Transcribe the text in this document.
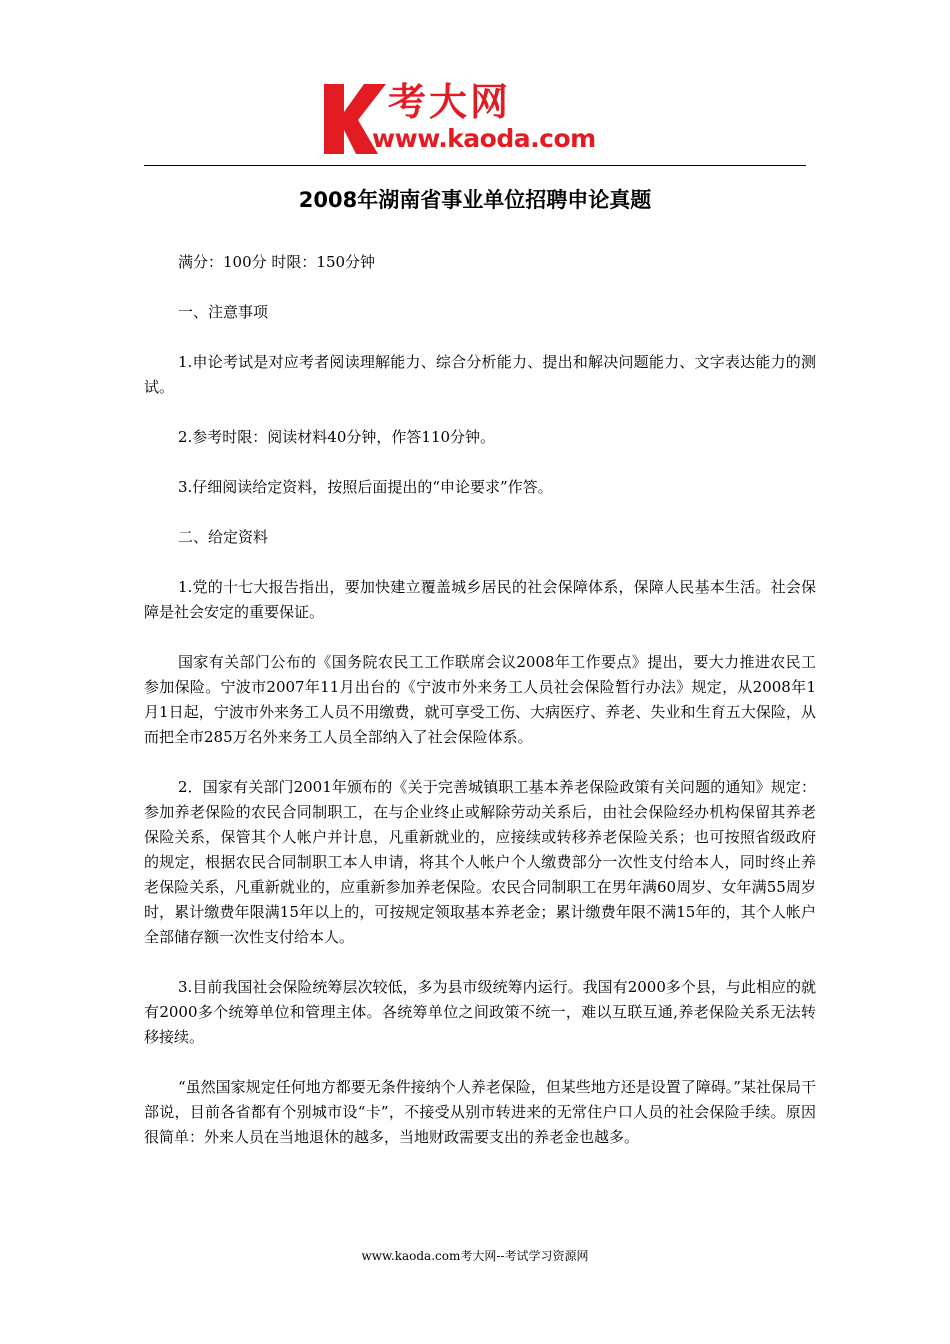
考大网
www.kaoda.com
2008年湖南省事业单位招聘申论真题

满分：100分 时限：150分钟

一、注意事项

1.申论考试是对应考者阅读理解能力、综合分析能力、提出和解决问题能力、文字表达能力的测试。

2.参考时限：阅读材料40分钟，作答110分钟。

3.仔细阅读给定资料，按照后面提出的“申论要求”作答。

二、给定资料

1.党的十七大报告指出，要加快建立覆盖城乡居民的社会保障体系，保障人民基本生活。社会保障是社会安定的重要保证。

国家有关部门公布的《国务院农民工工作联席会议2008年工作要点》提出，要大力推进农民工参加保险。宁波市2007年11月出台的《宁波市外来务工人员社会保险暂行办法》规定，从2008年1月1日起，宁波市外来务工人员不用缴费，就可享受工伤、大病医疗、养老、失业和生育五大保险，从而把全市285万名外来务工人员全部纳入了社会保险体系。

2．国家有关部门2001年颁布的《关于完善城镇职工基本养老保险政策有关问题的通知》规定：参加养老保险的农民合同制职工，在与企业终止或解除劳动关系后，由社会保险经办机构保留其养老保险关系，保管其个人帐户并计息，凡重新就业的，应接续或转移养老保险关系；也可按照省级政府的规定，根据农民合同制职工本人申请，将其个人帐户个人缴费部分一次性支付给本人，同时终止养老保险关系，凡重新就业的，应重新参加养老保险。农民合同制职工在男年满60周岁、女年满55周岁时，累计缴费年限满15年以上的，可按规定领取基本养老金；累计缴费年限不满15年的，其个人帐户全部储存额一次性支付给本人。

3.目前我国社会保险统筹层次较低，多为县市级统筹内运行。我国有2000多个县，与此相应的就有2000多个统筹单位和管理主体。各统筹单位之间政策不统一，难以互联互通,养老保险关系无法转移接续。

“虽然国家规定任何地方都要无条件接纳个人养老保险，但某些地方还是设置了障碍。”某社保局干部说，目前各省都有个别城市设“卡”，不接受从别市转进来的无常住户口人员的社会保险手续。原因很简单：外来人员在当地退休的越多，当地财政需要支出的养老金也越多。

www.kaoda.com考大网--考试学习资源网
